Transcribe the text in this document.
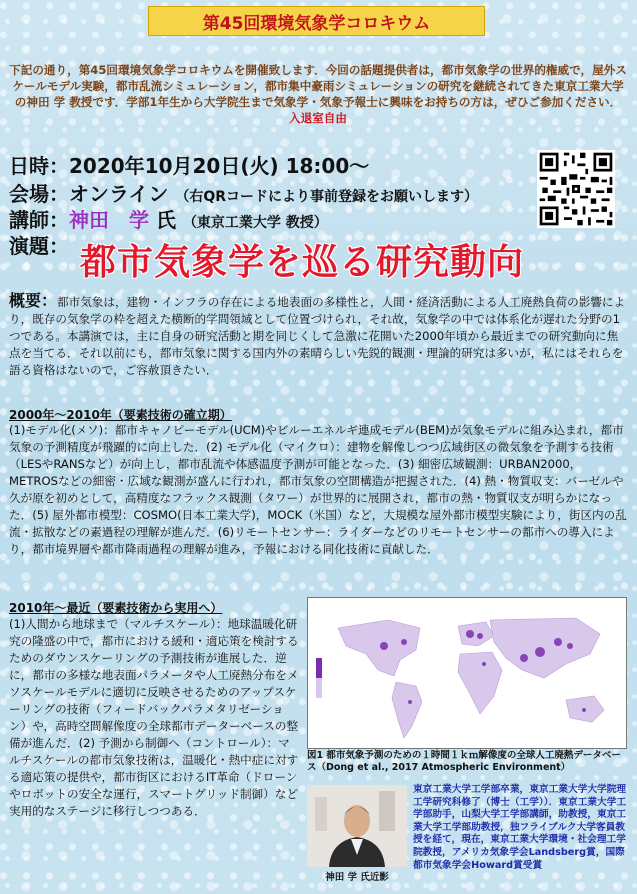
第45回環境気象学コロキウム
下記の通り，第45回環境気象学コロキウムを開催致します．今回の話題提供者は，都市気象学の世界的権威で，屋外スケールモデル実験，都市乱流シミュレーション，都市集中豪雨シミュレーションの研究を継続されてきた東京工業大学の神田 学 教授です．学部1年生から大学院生まで気象学・気象予報士に興味をお持ちの方は，ぜひご参加ください． 入退室自由
日時：2020年10月20日(火) 18:00～
会場：オンライン （右QRコードにより事前登録をお願いします）
講師：神田　学 氏 （東京工業大学 教授）
演題： 都市気象学を巡る研究動向
概要：都市気象は，建物・インフラの存在による地表面の多様性と，人間・経済活動による人工廃熱負荷の影響により，既存の気象学の枠を超えた横断的学問領域として位置づけられ，それ故，気象学の中では体系化が遅れた分野の1つである。本講演では，主に自身の研究活動と期を同じくして急激に花開いた2000年頃から最近までの研究動向に焦点を当てる．それ以前にも，都市気象に関する国内外の素晴らしい先鋭的観測・理論的研究は多いが，私にはそれらを語る資格はないので，ご容赦頂きたい．
2000年～2010年（要素技術の確立期）
(1)モデル化(メソ)：都市キャノピーモデル(UCM)やビルーエネルギ連成モデル(BEM)が気象モデルに組み込まれ，都市気象の予測精度が飛躍的に向上した．(2) モデル化（マイクロ）：建物を解像しつつ広域街区の微気象を予測する技術（LESやRANSなど）が向上し，都市乱流や体感温度予測が可能となった．(3) 細密広域観測：URBAN2000，METROSなどの細密・広域な観測が盛んに行われ，都市気象の空間構造が把握された．(4) 熱・物質収支：バーゼルや久が原を初めとして，高精度なフラックス観測（タワー）が世界的に展開され，都市の熱・物質収支が明らかになった．(5) 屋外都市模型：COSMO(日本工業大学)，MOCK（米国）など，大規模な屋外都市模型実験により，街区内の乱流・拡散などの素過程の理解が進んだ．(6)リモートセンサー：ライダーなどのリモートセンサーの都市への導入により，都市境界層や都市降雨過程の理解が進み，予報における同化技術に貢献した．
2010年～最近（要素技術から実用へ）
(1)人間から地球まで（マルチスケール）：地球温暖化研究の隆盛の中で，都市における緩和・適応策を検討するためのダウンスケーリングの予測技術が進展した．逆に，都市の多様な地表面パラメータや人工廃熱分布をメソスケールモデルに適切に反映させるためのアップスケーリングの技術（フィードバックパラメタリゼーション）や，高時空間解像度の全球都市データーベースの整備が進んだ．(2) 予測から制御へ（コントロール）：マルチスケールの都市気象技術は，温暖化・熱中症に対する適応策の提供や，都市街区におけるIT革命（ドローンやロボットの安全な運行，スマートグリッド制御）など実用的なステージに移行しつつある．
図1 都市気象予測のための１時間１ｋｍ解像度の全球人工廃熱データベース（Dong et al., 2017 Atmospheric Environment）
神田 学 氏近影
東京工業大学工学部卒業，東京工業大学大学院理工学研究科修了（博士（工学））．東京工業大学工学部助手，山梨大学工学部講師，助教授，東京工業大学工学部助教授，独フライブルク大学客員教授を経て，現在，東京工業大学環境・社会理工学院教授，アメリカ気象学会Landsberg賞，国際都市気象学会Howard賞受賞
